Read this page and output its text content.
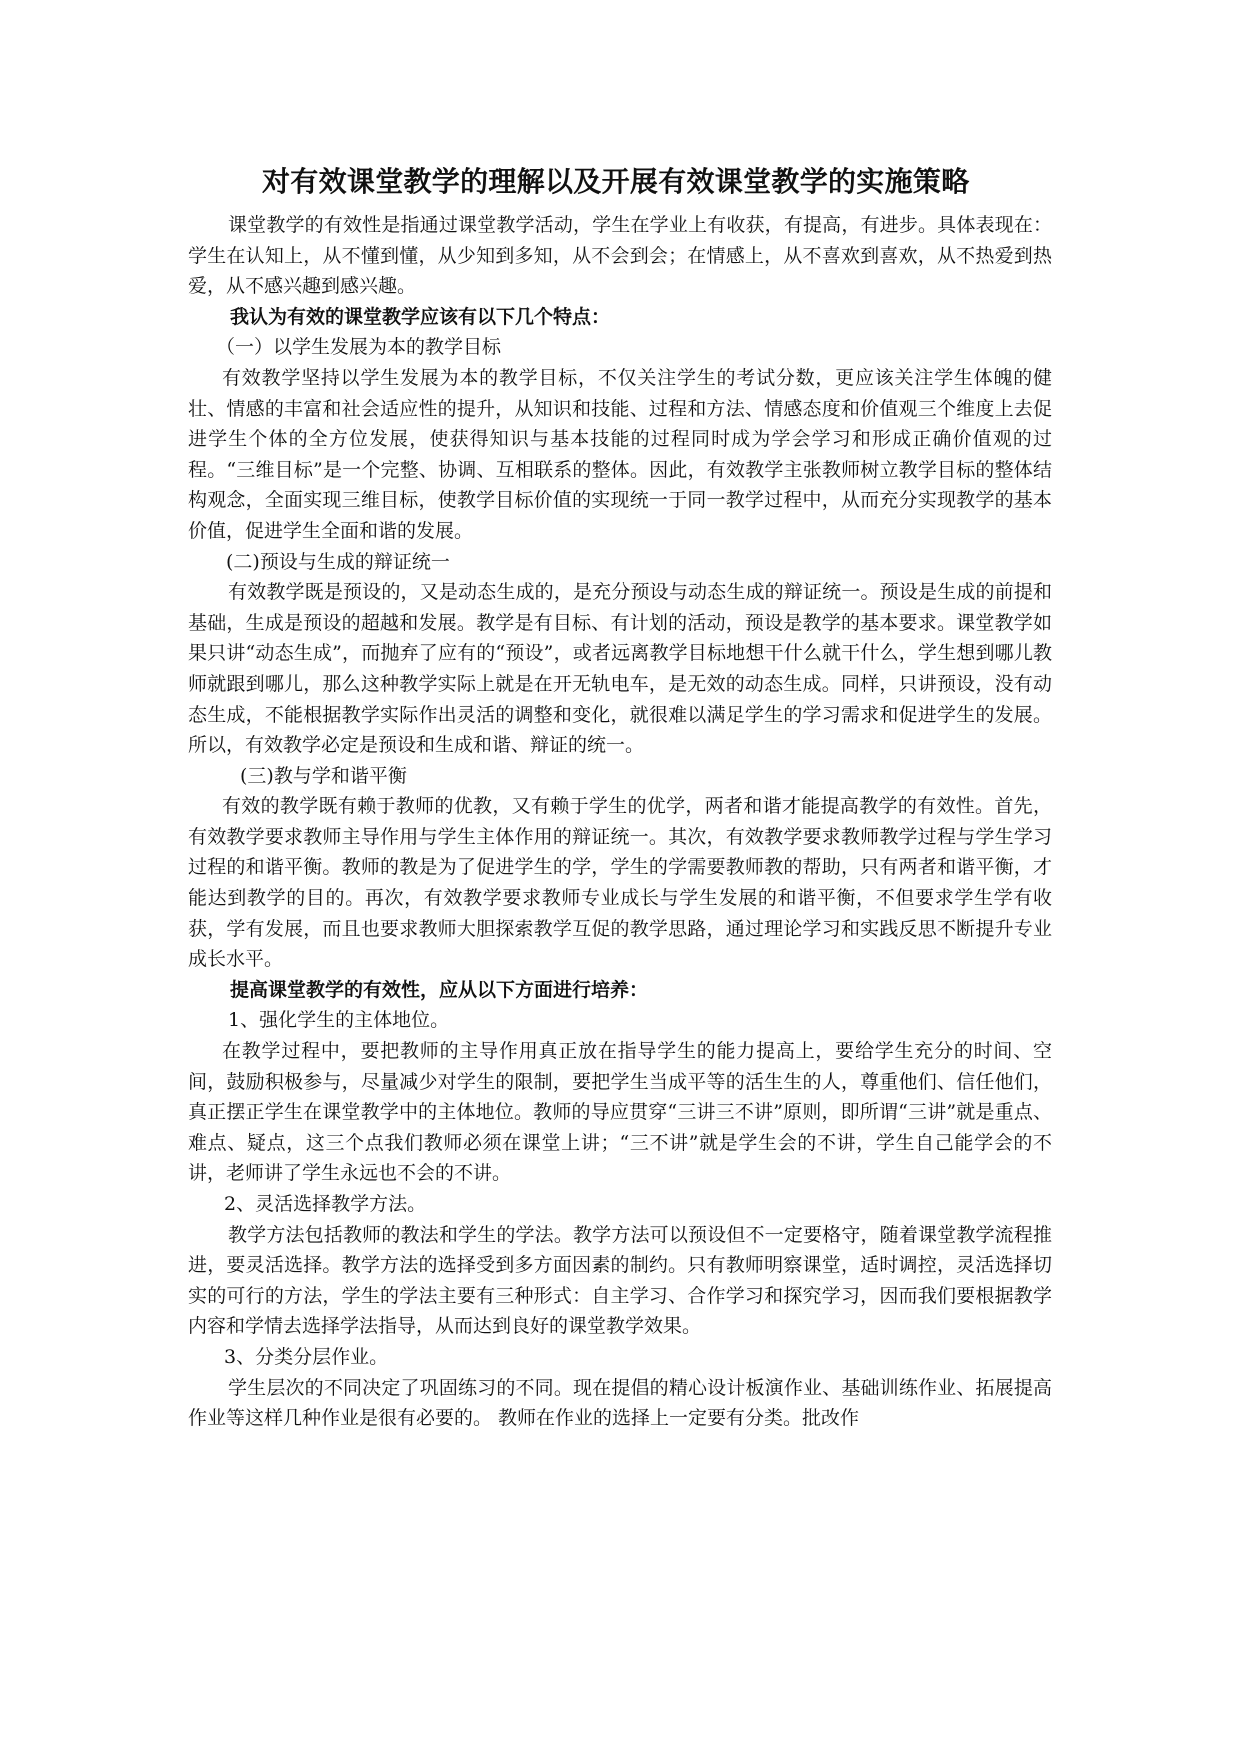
对有效课堂教学的理解以及开展有效课堂教学的实施策略

课堂教学的有效性是指通过课堂教学活动，学生在学业上有收获，有提高，有进步。具体表现在：学生在认知上，从不懂到懂，从少知到多知，从不会到会；在情感上，从不喜欢到喜欢，从不热爱到热爱，从不感兴趣到感兴趣。

我认为有效的课堂教学应该有以下几个特点：

（一）以学生发展为本的教学目标

有效教学坚持以学生发展为本的教学目标，不仅关注学生的考试分数，更应该关注学生体魄的健壮、情感的丰富和社会适应性的提升，从知识和技能、过程和方法、情感态度和价值观三个维度上去促进学生个体的全方位发展，使获得知识与基本技能的过程同时成为学会学习和形成正确价值观的过程。“三维目标”是一个完整、协调、互相联系的整体。因此，有效教学主张教师树立教学目标的整体结构观念，全面实现三维目标，使教学目标价值的实现统一于同一教学过程中，从而充分实现教学的基本价值，促进学生全面和谐的发展。

(二)预设与生成的辩证统一

有效教学既是预设的，又是动态生成的，是充分预设与动态生成的辩证统一。预设是生成的前提和基础，生成是预设的超越和发展。教学是有目标、有计划的活动，预设是教学的基本要求。课堂教学如果只讲“动态生成”，而抛弃了应有的“预设”，或者远离教学目标地想干什么就干什么，学生想到哪儿教师就跟到哪儿，那么这种教学实际上就是在开无轨电车，是无效的动态生成。同样，只讲预设，没有动态生成，不能根据教学实际作出灵活的调整和变化，就很难以满足学生的学习需求和促进学生的发展。所以，有效教学必定是预设和生成和谐、辩证的统一。

(三)教与学和谐平衡

有效的教学既有赖于教师的优教，又有赖于学生的优学，两者和谐才能提高教学的有效性。首先，有效教学要求教师主导作用与学生主体作用的辩证统一。其次，有效教学要求教师教学过程与学生学习过程的和谐平衡。教师的教是为了促进学生的学，学生的学需要教师教的帮助，只有两者和谐平衡，才能达到教学的目的。再次，有效教学要求教师专业成长与学生发展的和谐平衡，不但要求学生学有收获，学有发展，而且也要求教师大胆探索教学互促的教学思路，通过理论学习和实践反思不断提升专业成长水平。

提高课堂教学的有效性，应从以下方面进行培养：

1、强化学生的主体地位。

在教学过程中，要把教师的主导作用真正放在指导学生的能力提高上，要给学生充分的时间、空间，鼓励积极参与，尽量减少对学生的限制，要把学生当成平等的活生生的人，尊重他们、信任他们，真正摆正学生在课堂教学中的主体地位。教师的导应贯穿“三讲三不讲”原则，即所谓“三讲”就是重点、难点、疑点，这三个点我们教师必须在课堂上讲；“三不讲”就是学生会的不讲，学生自己能学会的不讲，老师讲了学生永远也不会的不讲。

2、灵活选择教学方法。

教学方法包括教师的教法和学生的学法。教学方法可以预设但不一定要格守，随着课堂教学流程推进，要灵活选择。教学方法的选择受到多方面因素的制约。只有教师明察课堂，适时调控，灵活选择切实的可行的方法，学生的学法主要有三种形式：自主学习、合作学习和探究学习，因而我们要根据教学内容和学情去选择学法指导，从而达到良好的课堂教学效果。

3、分类分层作业。

学生层次的不同决定了巩固练习的不同。现在提倡的精心设计板演作业、基础训练作业、拓展提高作业等这样几种作业是很有必要的。 教师在作业的选择上一定要有分类。批改作
